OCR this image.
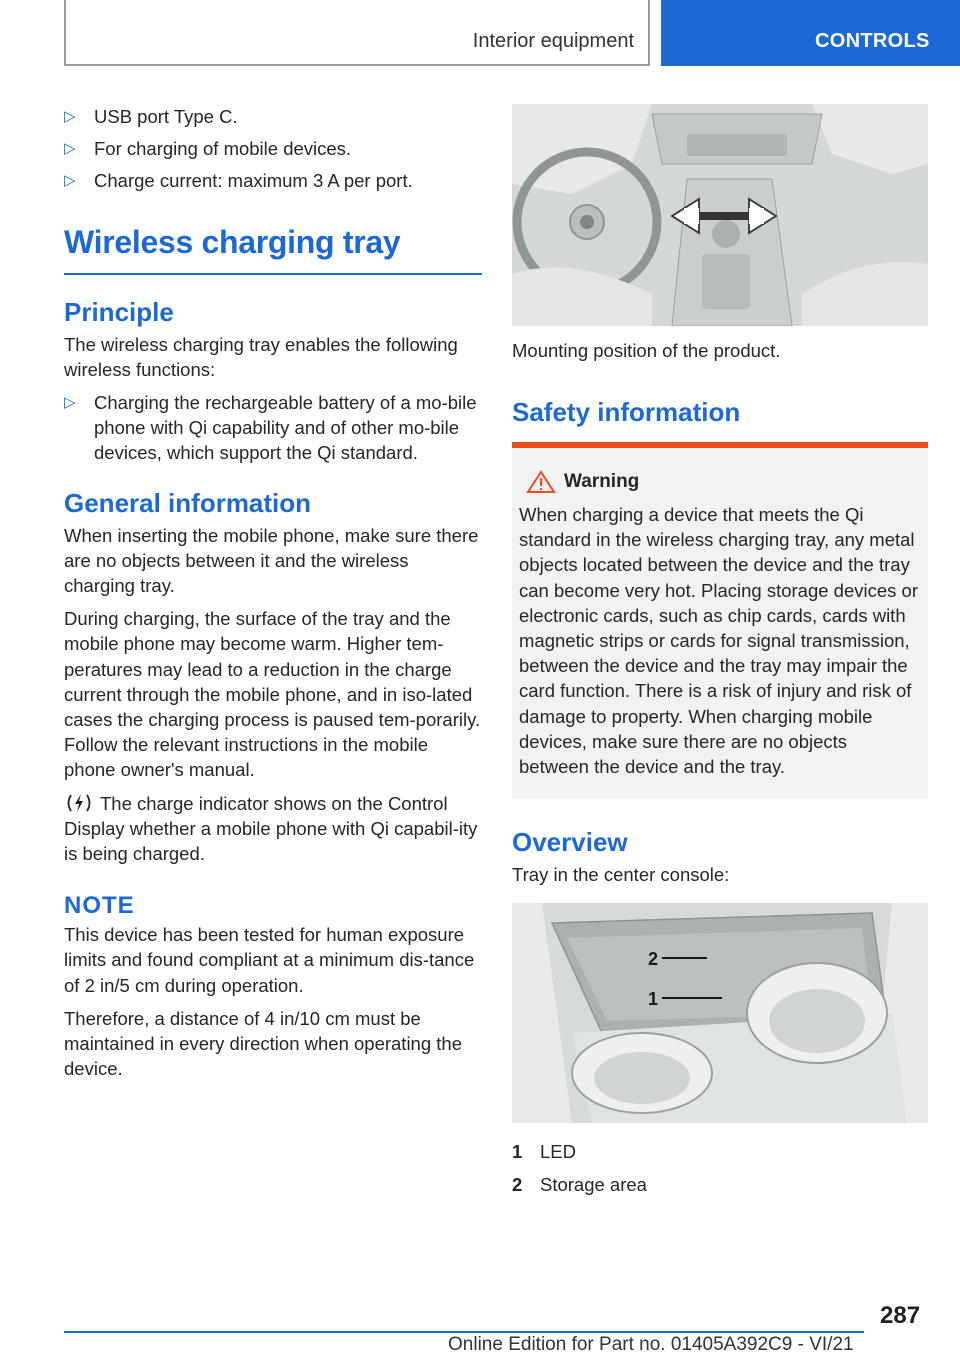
Interior equipment	CONTROLS
▷ USB port Type C.
▷ For charging of mobile devices.
▷ Charge current: maximum 3 A per port.
Wireless charging tray
Principle
The wireless charging tray enables the following wireless functions:
▷ Charging the rechargeable battery of a mo-bile phone with Qi capability and of other mo-bile devices, which support the Qi standard.
General information
When inserting the mobile phone, make sure there are no objects between it and the wireless charging tray.
During charging, the surface of the tray and the mobile phone may become warm. Higher tem-peratures may lead to a reduction in the charge current through the mobile phone, and in iso-lated cases the charging process is paused tem-porarily. Follow the relevant instructions in the mobile phone owner's manual.
The charge indicator shows on the Control Display whether a mobile phone with Qi capabil-ity is being charged.
NOTE
This device has been tested for human exposure limits and found compliant at a minimum dis-tance of 2 in/5 cm during operation.
Therefore, a distance of 4 in/10 cm must be maintained in every direction when operating the device.
Mounting position of the product.
Safety information
Warning
When charging a device that meets the Qi standard in the wireless charging tray, any metal objects located between the device and the tray can become very hot. Placing storage devices or electronic cards, such as chip cards, cards with magnetic strips or cards for signal transmission, between the device and the tray may impair the card function. There is a risk of injury and risk of damage to property. When charging mobile devices, make sure there are no objects between the device and the tray.
Overview
Tray in the center console:
2
1
1 LED
2 Storage area
287
Online Edition for Part no. 01405A392C9 - VI/21
